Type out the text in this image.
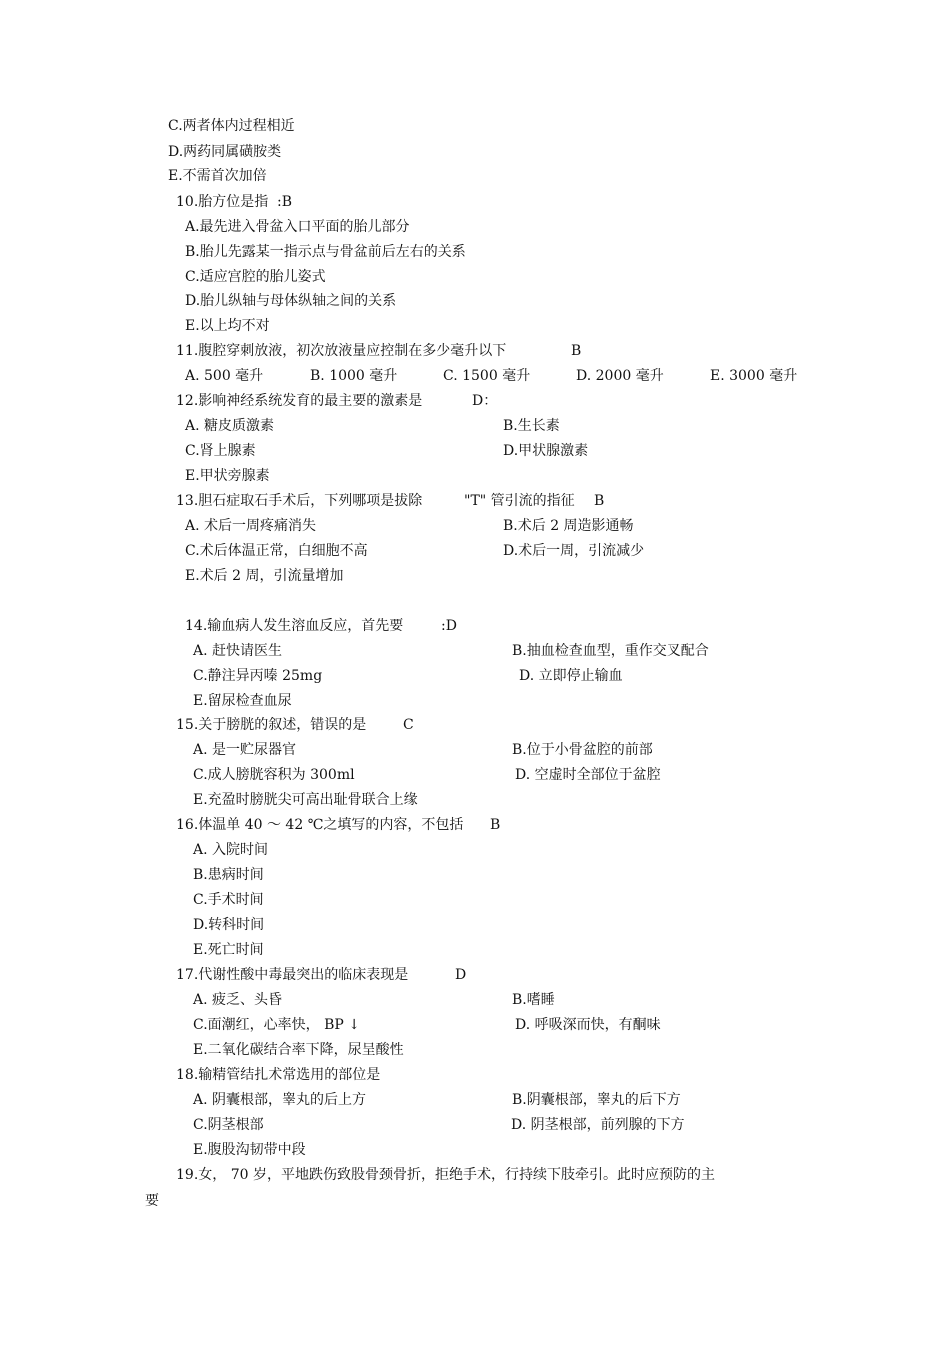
C.两者体内过程相近
D.两药同属磺胺类
E.不需首次加倍
10.胎方位是指 :B
A.最先进入骨盆入口平面的胎儿部分
B.胎儿先露某一指示点与骨盆前后左右的关系
C.适应宫腔的胎儿姿式
D.胎儿纵轴与母体纵轴之间的关系
E.以上均不对
11.腹腔穿刺放液，初次放液量应控制在多少毫升以下	B
A. 500 毫升	B. 1000 毫升	C. 1500 毫升	D. 2000 毫升	E. 3000 毫升
12.影响神经系统发育的最主要的激素是	D：
A. 糖皮质激素	B.生长素
C.肾上腺素	D.甲状腺激素
E.甲状旁腺素
13.胆石症取石手术后，下列哪项是拔除	"T" 管引流的指征 B
A. 术后一周疼痛消失	B.术后 2 周造影通畅
C.术后体温正常，白细胞不高	D.术后一周，引流减少
E.术后 2 周，引流量增加
14.输血病人发生溶血反应，首先要	:D
A. 赶快请医生	B.抽血检查血型，重作交叉配合
C.静注异丙嗪 25mg	D. 立即停止输血
E.留尿检查血尿
15.关于膀胱的叙述，错误的是	C
A. 是一贮尿器官	B.位于小骨盆腔的前部
C.成人膀胱容积为 300ml	D. 空虚时全部位于盆腔
E.充盈时膀胱尖可高出耻骨联合上缘
16.体温单 40 ～ 42 ℃之填写的内容，不包括 B
A. 入院时间
B.患病时间
C.手术时间
D.转科时间
E.死亡时间
17.代谢性酸中毒最突出的临床表现是	D
A. 疲乏、头昏	B.嗜睡
C.面潮红，心率快， BP ↓	D. 呼吸深而快，有酮味
E.二氧化碳结合率下降，尿呈酸性
18.输精管结扎术常选用的部位是
A. 阴囊根部，睾丸的后上方	B.阴囊根部，睾丸的后下方
C.阴茎根部	D. 阴茎根部，前列腺的下方
E.腹股沟韧带中段
19.女， 70 岁，平地跌伤致股骨颈骨折，拒绝手术，行持续下肢牵引。此时应预防的主
要
